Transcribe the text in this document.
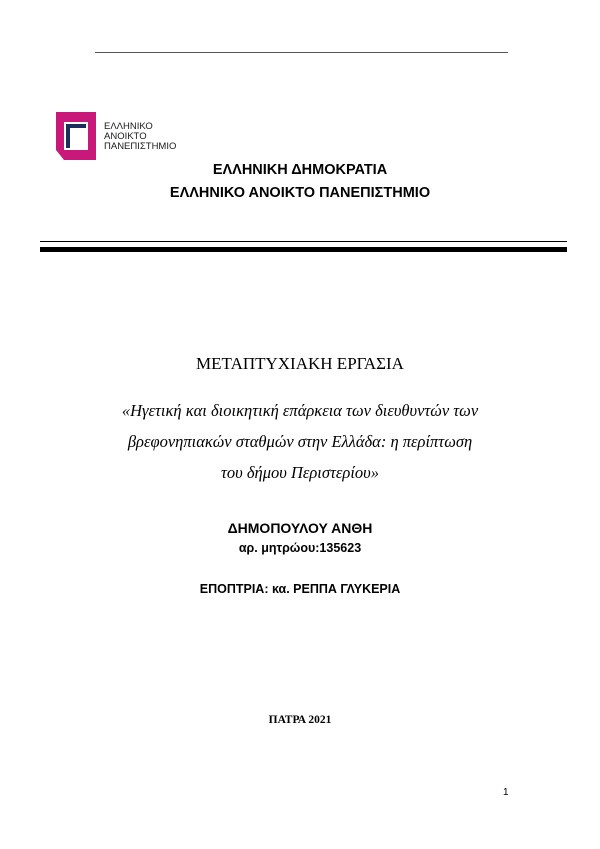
ΕΛΛΗΝΙΚΟ
ΑΝΟΙΚΤΟ
ΠΑΝΕΠΙΣΤΗΜΙΟ
ΕΛΛΗΝΙΚΗ ΔΗΜΟΚΡΑΤΙΑ
ΕΛΛΗΝΙΚΟ ΑΝΟΙΚΤΟ ΠΑΝΕΠΙΣΤΗΜΙΟ
ΜΕΤΑΠΤΥΧΙΑΚΗ ΕΡΓΑΣΙΑ
«Ηγετική και διοικητική επάρκεια των διευθυντών των
βρεφονηπιακών σταθμών στην Ελλάδα: η περίπτωση
του δήμου Περιστερίου»
ΔΗΜΟΠΟΥΛΟΥ ΑΝΘΗ
αρ. μητρώου:135623
ΕΠΟΠΤΡΙΑ: κα. ΡΕΠΠΑ ΓΛΥΚΕΡΙΑ
ΠΑΤΡΑ 2021
1
